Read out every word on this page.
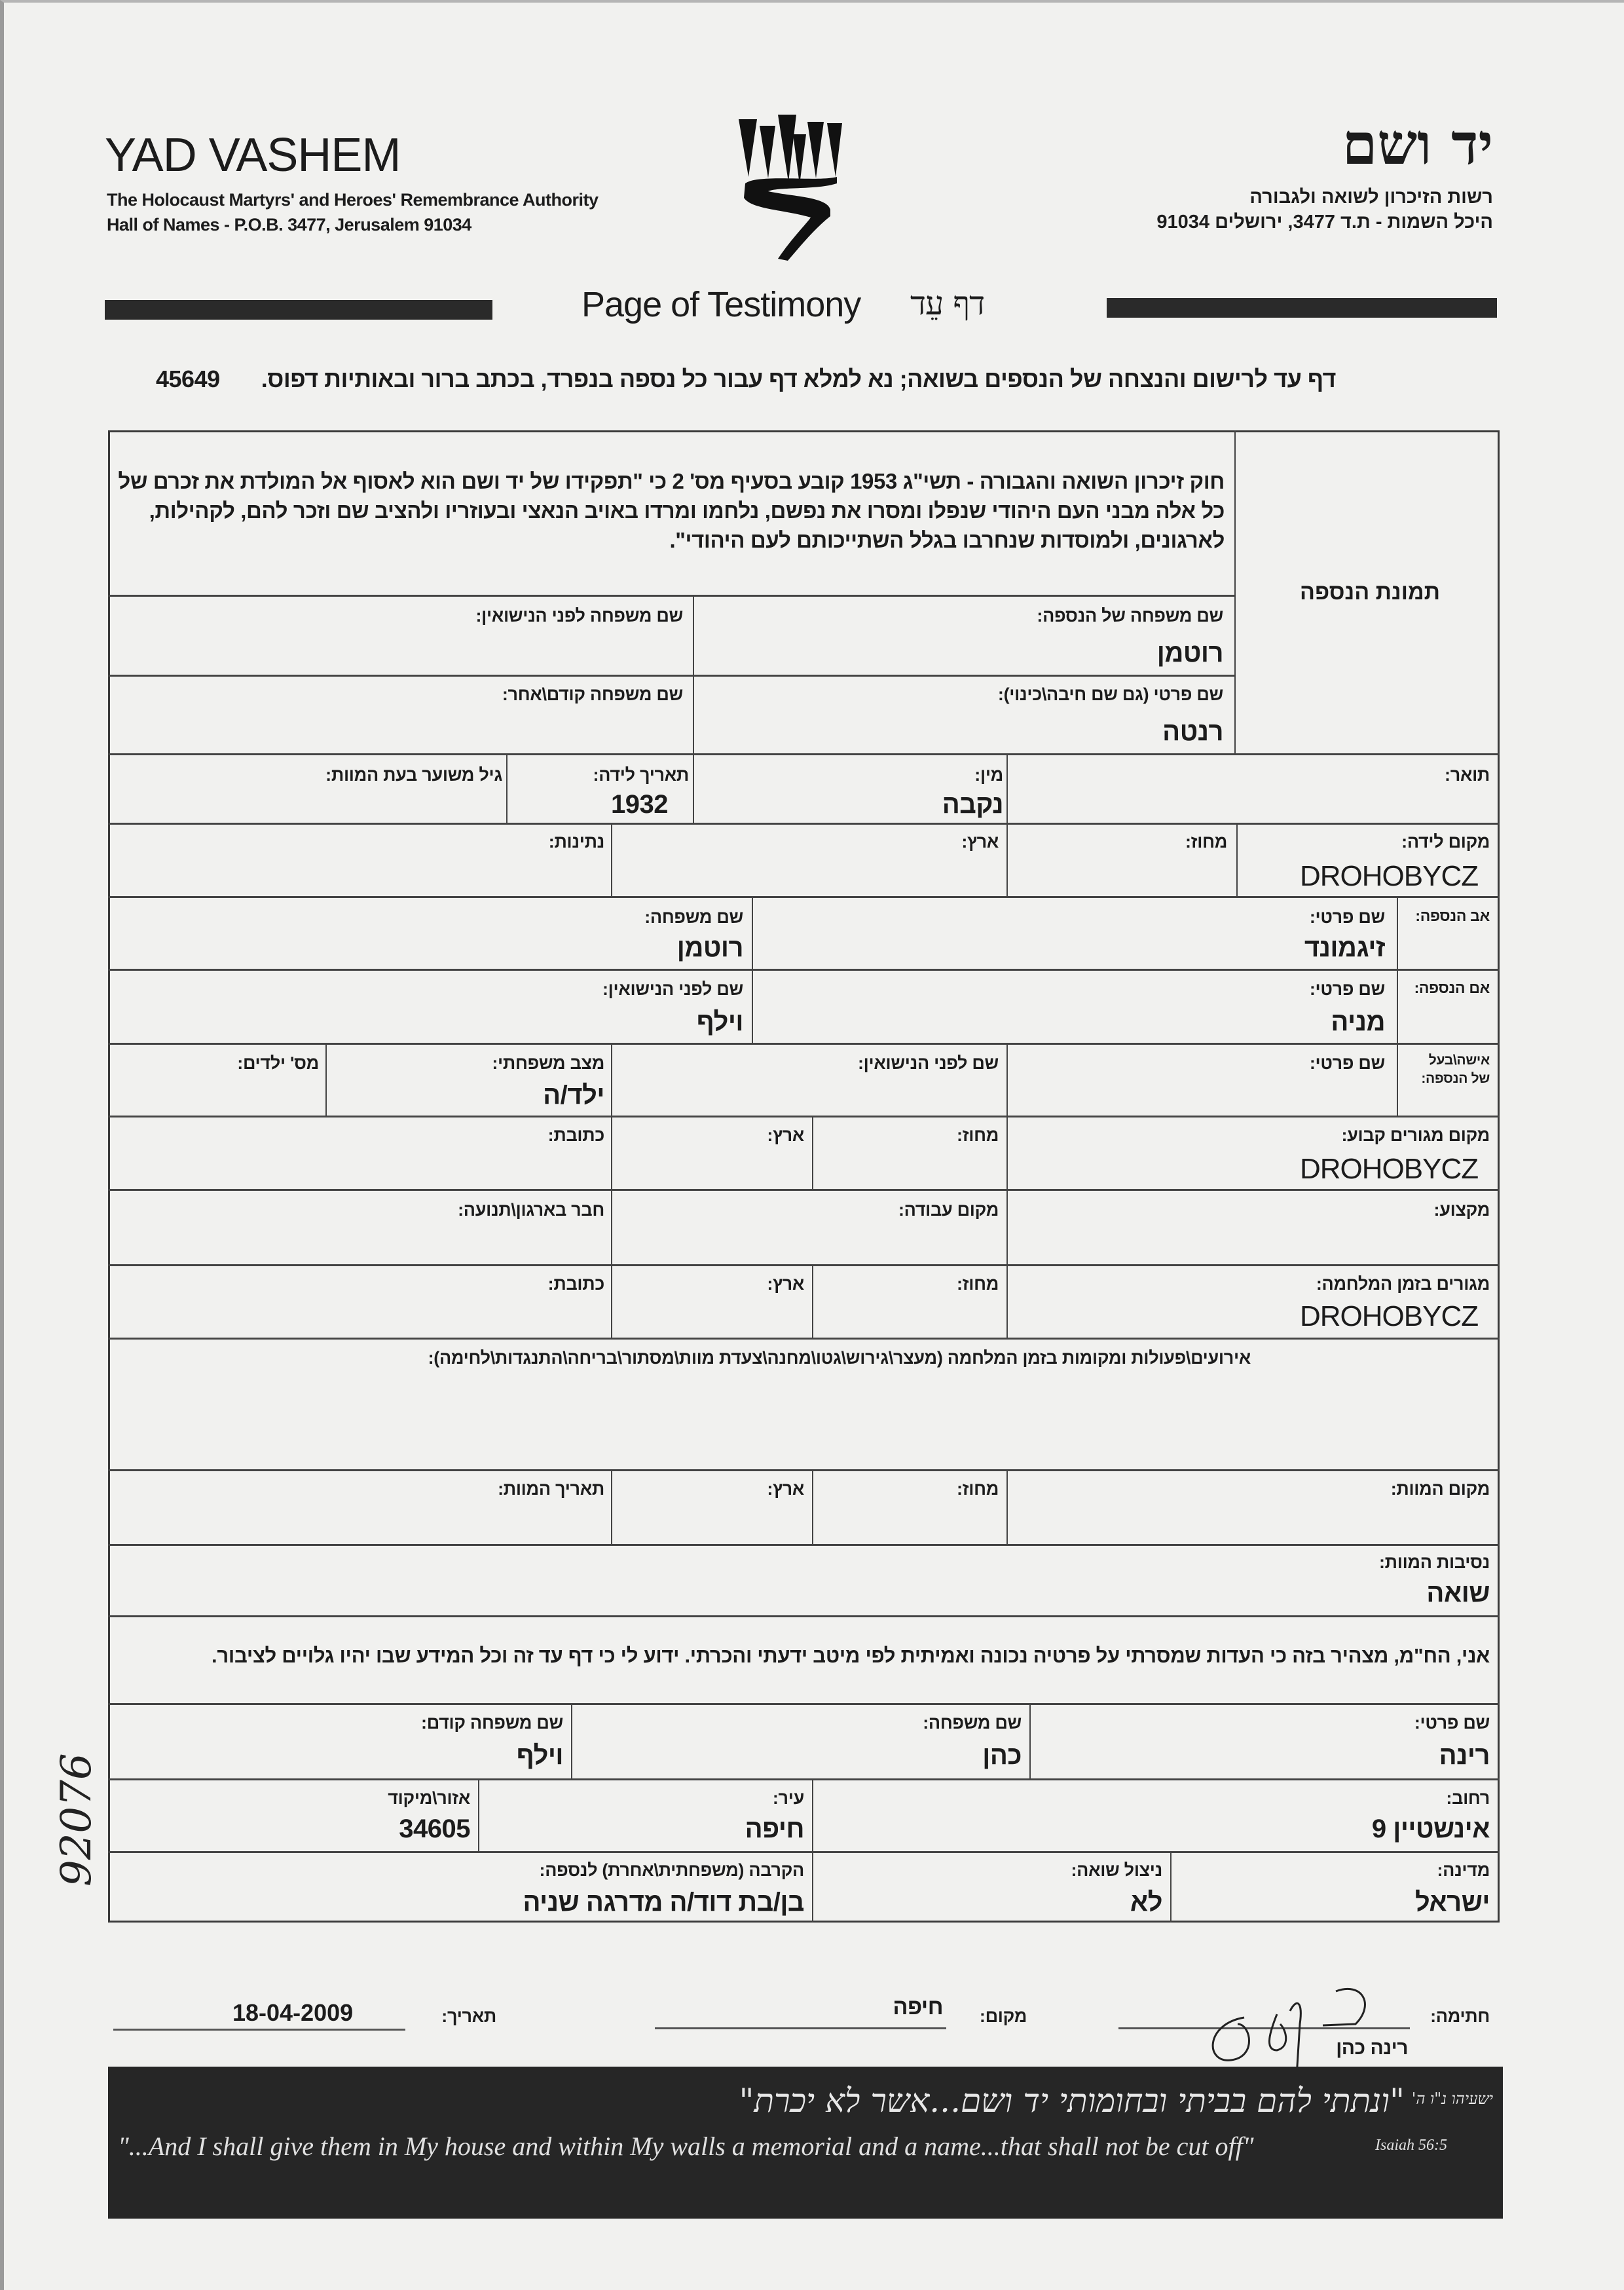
YAD VASHEM
The Holocaust Martyrs' and Heroes' Remembrance Authority
Hall of Names - P.O.B. 3477, Jerusalem 91034
יד ושם
רשות הזיכרון לשואה ולגבורה
היכל השמות - ת.ד 3477, ירושלים 91034
Page of Testimony דף עֵד
דף עד לרישום והנצחה של הנספים בשואה; נא למלא דף עבור כל נספה בנפרד, בכתב ברור ובאותיות דפוס.
45649
חוק זיכרון השואה והגבורה - תשי"ג 1953 קובע בסעיף מס' 2 כי "תפקידו של יד ושם הוא לאסוף אל המולדת את זכרם של
כל אלה מבני העם היהודי שנפלו ומסרו את נפשם, נלחמו ומרדו באויב הנאצי ובעוזריו ולהציב שם וזכר להם, לקהילות,
לארגונים, ולמוסדות שנחרבו בגלל השתייכותם לעם היהודי".
תמונת הנספה
שם משפחה של הנספה:
רוטמן
שם משפחה לפני הנישואין:
שם פרטי (גם שם חיבה\כינוי):
רנטה
שם משפחה קודם\אחר:
תואר:
מין:
נקבה
תאריך לידה:
1932
גיל משוער בעת המוות:
מקום לידה:
DROHOBYCZ
מחוז:
ארץ:
נתינות:
אב הנספה:
שם פרטי:
זיגמונד
שם משפחה:
רוטמן
אם הנספה:
שם פרטי:
מניה
שם לפני הנישואין:
וילף
אישה\בעל
של הנספה:
שם פרטי:
שם לפני הנישואין:
מצב משפחתי:
ילד/ה
מס' ילדים:
מקום מגורים קבוע:
DROHOBYCZ
מחוז:
ארץ:
כתובת:
מקצוע:
מקום עבודה:
חבר בארגון\תנועה:
מגורים בזמן המלחמה:
DROHOBYCZ
מחוז:
ארץ:
כתובת:
אירועים\פעולות ומקומות בזמן המלחמה (מעצר\גירוש\גטו\מחנה\צעדת מוות\מסתור\בריחה\התנגדות\לחימה):
מקום המוות:
מחוז:
ארץ:
תאריך המוות:
נסיבות המוות:
שואה
אני, הח"מ, מצהיר בזה כי העדות שמסרתי על פרטיה נכונה ואמיתית לפי מיטב ידעתי והכרתי. ידוע לי כי דף עד זה וכל המידע שבו יהיו גלויים לציבור.
שם פרטי:
רינה
שם משפחה:
כהן
שם משפחה קודם:
וילף
רחוב:
אינשטיין 9
עיר:
חיפה
אזור\מיקוד
34605
מדינה:
ישראל
ניצול שואה:
לא
הקרבה (משפחתית\אחרת) לנספה:
בן/בת דוד/ה מדרגה שניה
92076
חתימה:
רינה כהן
מקום:
חיפה
תאריך:
18-04-2009
"ונתתי להם בביתי ובחומותי יד ושם...אשר לא יכרת" ישעיהו נ"ו ה'
"...And I shall give them in My house and within My walls a memorial and a name...that shall not be cut off"	Isaiah 56:5
